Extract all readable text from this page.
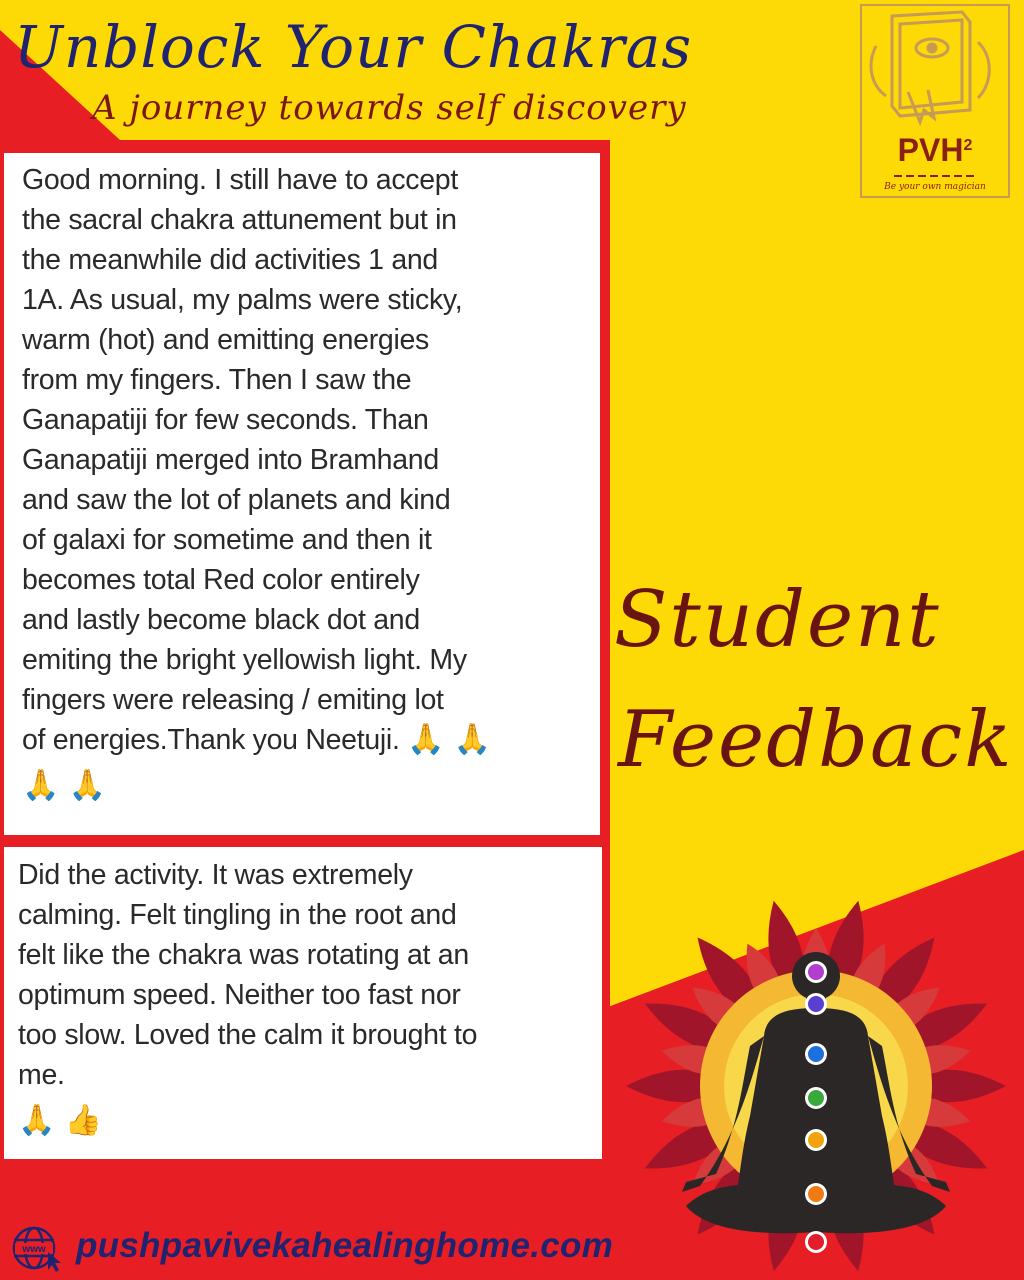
Unblock Your Chakras
A journey towards self discovery
PVH$^2$
Be your own magician

Good morning. I still have to accept
the sacral chakra attunement but in
the meanwhile did activities 1 and
1A. As usual, my palms were sticky,
warm (hot) and emitting energies
from my fingers. Then I saw the
Ganapatiji for few seconds. Than
Ganapatiji merged into Bramhand
and saw the lot of planets and kind
of galaxi for sometime and then it
becomes total Red color entirely
and lastly become black dot and
emiting the bright yellowish light. My
fingers were releasing / emiting lot
of energies.Thank you Neetuji. 🙏 🙏

🙏 🙏

Did the activity. It was extremely
calming. Felt tingling in the root and
felt like the chakra was rotating at an
optimum speed. Neither too fast nor
too slow. Loved the calm it brought to
me.

🙏 👍
Student
Feedback
www pushpavivekahealinghome.com
